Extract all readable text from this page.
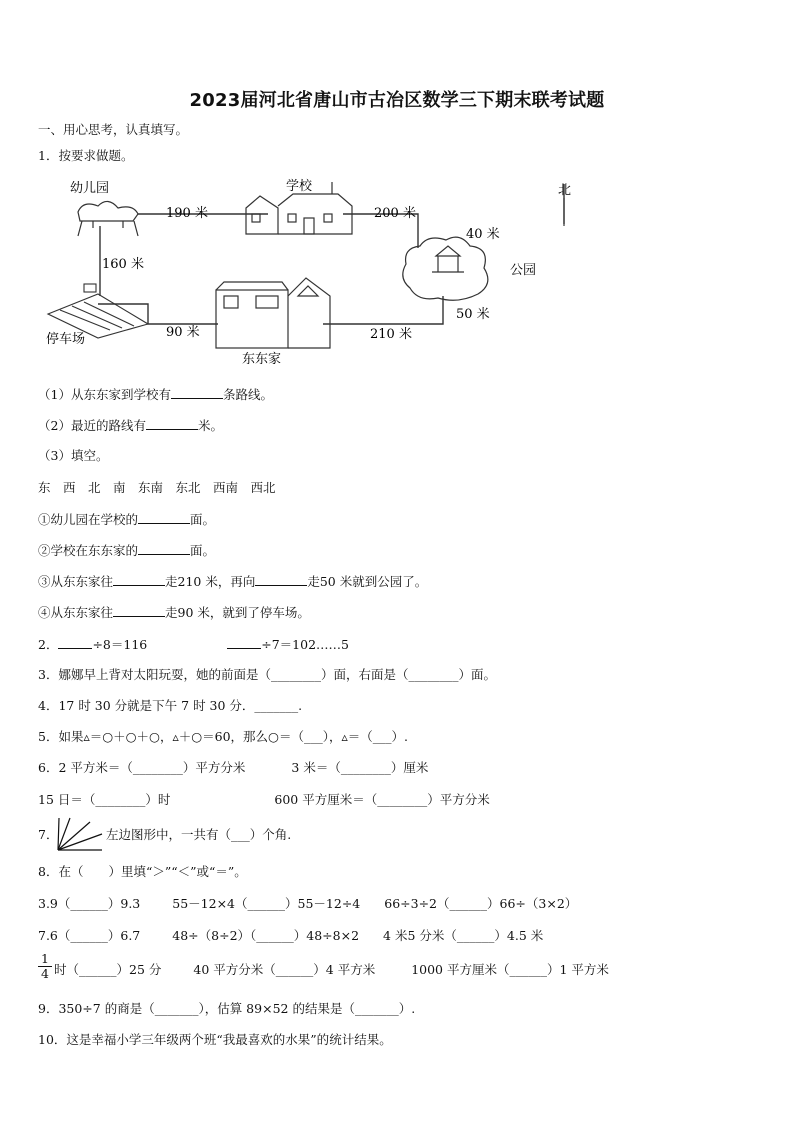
2023届河北省唐山市古冶区数学三下期末联考试题
一、用心思考，认真填写。
1．按要求做题。
幼儿园	学校	北
公园
停车场
东东家
190 米	200 米
40 米
160 米
50 米
90 米	210 米
（1）从东东家到学校有	条路线。
（2）最近的路线有	米。
（3）填空。
东　西　北　南　东南　东北　西南　西北
①幼儿园在学校的	面。
②学校在东东家的	面。
③从东东家往	走210 米，再向	走50 米就到公园了。
④从东东家往	走90 米，就到了停车场。
2．	÷8＝116	÷7＝102……5
3．娜娜早上背对太阳玩耍，她的前面是（________）面，右面是（________）面。
4．17 时 30 分就是下午 7 时 30 分．_______.
5．如果▵＝○＋○＋○，▵＋○＝60，那么○＝（___），▵＝（___）.
6．2 平方米＝（________）平方分米	3 米＝（________）厘米
15 日＝（________）时	600 平方厘米＝（________）平方分米
7．	左边图形中，一共有（___）个角.
8．在（　　）里填“＞”“＜”或“＝”。
3.9（______）9.3	55－12×4（______）55－12÷4 66÷3÷2（______）66÷（3×2）
7.6（______）6.7	48÷（8÷2）（______）48÷8×2 4 米5 分米（______）4.5 米
$\frac{1}{4}$ 时（______）25 分	40 平方分米（______）4 平方米	1000 平方厘米（______）1 平方米
9．350÷7 的商是（_______），估算 89×52 的结果是（_______）.
10．这是幸福小学三年级两个班“我最喜欢的水果”的统计结果。
